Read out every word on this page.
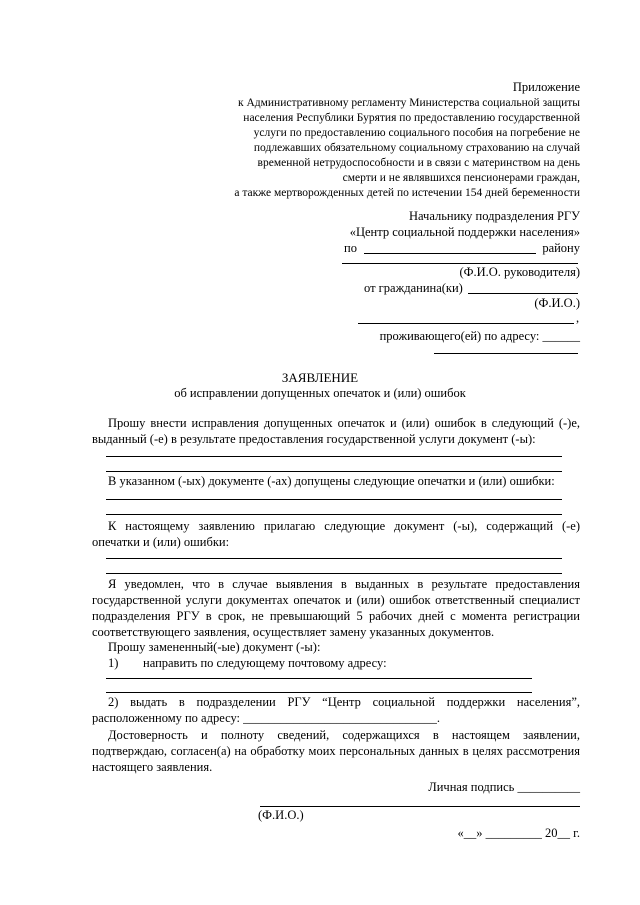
Приложение
к Административному регламенту Министерства социальной защиты
населения Республики Бурятия по предоставлению государственной
услуги по предоставлению социального пособия на погребение не
подлежавших обязательному социальному страхованию на случай
временной нетрудоспособности и в связи с материнством на день
смерти и не являвшихся пенсионерами граждан,
а также мертворожденных детей по истечении 154 дней беременности
Начальнику подразделения РГУ
«Центр социальной поддержки населения»
по	району
(Ф.И.О. руководителя)
от гражданина(ки)
(Ф.И.О.)
,
проживающего(ей) по адресу: ______
ЗАЯВЛЕНИЕ
об исправлении допущенных опечаток и (или) ошибок
Прошу внести исправления допущенных опечаток и (или) ошибок в следующий (-)е, выданный (-е) в результате предоставления государственной услуги документ (-ы):
В указанном (-ых) документе (-ах) допущены следующие опечатки и (или) ошибки:
К настоящему заявлению прилагаю следующие документ (-ы), содержащий (-е) опечатки и (или) ошибки:
Я уведомлен, что в случае выявления в выданных в результате предоставления государственной услуги документах опечаток и (или) ошибок ответственный специалист подразделения РГУ в срок, не превышающий 5 рабочих дней с момента регистрации соответствующего заявления, осуществляет замену указанных документов.
Прошу замененный(-ые) документ (-ы):
1) направить по следующему почтовому адресу:
2) выдать в подразделении РГУ “Центр социальной поддержки населения”, расположенному по адресу: _______________________________.
Достоверность и полноту сведений, содержащихся в настоящем заявлении, подтверждаю, согласен(а) на обработку моих персональных данных в целях рассмотрения настоящего заявления.
Личная подпись __________
(Ф.И.О.)
«__» _________ 20__ г.
